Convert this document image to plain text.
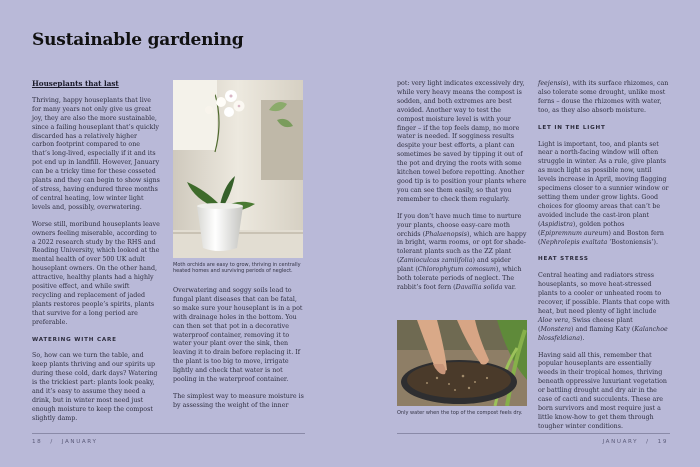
Sustainable gardening

Houseplants that last

Thriving, happy houseplants that live for many years not only give us great joy, they are also the more sustainable, since a failing houseplant that’s quickly discarded has a relatively higher carbon footprint compared to one that’s long-lived, especially if it and its pot end up in landfill. However, January can be a tricky time for these cosseted plants and they can begin to show signs of stress, having endured three months of central heating, low winter light levels and, possibly, overwatering.

Worse still, moribund houseplants leave owners feeling miserable, according to a 2022 research study by the RHS and Reading University, which looked at the mental health of over 500 UK adult houseplant owners. On the other hand, attractive, healthy plants had a highly positive effect, and while swift recycling and replacement of jaded plants restores people’s spirits, plants that survive for a long period are preferable.

WATERING WITH CARE

So, how can we turn the table, and keep plants thriving and our spirits up during these cold, dark days? Watering is the trickiest part: plants look peaky, and it’s easy to assume they need a drink, but in winter most need just enough moisture to keep the compost slightly damp.

Moth orchids are easy to grow, thriving in centrally heated homes and surviving periods of neglect.

Overwatering and soggy soils lead to fungal plant diseases that can be fatal, so make sure your houseplant is in a pot with drainage holes in the bottom. You can then set that pot in a decorative waterproof container, removing it to water your plant over the sink, then leaving it to drain before replacing it. If the plant is too big to move, irrigate lightly and check that water is not pooling in the waterproof container.

The simplest way to measure moisture is by assessing the weight of the inner

18 / JANUARY

pot: very light indicates excessively dry, while very heavy means the compost is sodden, and both extremes are best avoided. Another way to test the compost moisture level is with your finger – if the top feels damp, no more water is needed. If sogginess results despite your best efforts, a plant can sometimes be saved by tipping it out of the pot and drying the roots with some kitchen towel before repotting. Another good tip is to position your plants where you can see them easily, so that you remember to check them regularly.

If you don’t have much time to nurture your plants, choose easy-care moth orchids (Phalaenopsis), which are happy in bright, warm rooms, or opt for shade-tolerant plants such as the ZZ plant (Zamioculcas zamiifolia) and spider plant (Chlorophytum comosum), which both tolerate periods of neglect. The rabbit’s foot fern (Davallia solida var.

Only water when the top of the compost feels dry.

feejensis), with its surface rhizomes, can also tolerate some drought, unlike most ferns – douse the rhizomes with water, too, as they also absorb moisture.

LET IN THE LIGHT

Light is important, too, and plants set near a north-facing window will often struggle in winter. As a rule, give plants as much light as possible now, until levels increase in April, moving flagging specimens closer to a sunnier window or setting them under grow lights. Good choices for gloomy areas that can’t be avoided include the cast-iron plant (Aspidistra), golden pothos (Epipremnum aureum) and Boston fern (Nephrolepis exaltata ‘Bostoniensis’).

HEAT STRESS

Central heating and radiators stress houseplants, so move heat-stressed plants to a cooler or unheated room to recover, if possible. Plants that cope with heat, but need plenty of light include Aloe vera, Swiss cheese plant (Monstera) and flaming Katy (Kalanchoe blossfeldiana).

Having said all this, remember that popular houseplants are essentially weeds in their tropical homes, thriving beneath oppressive luxuriant vegetation or battling drought and dry air in the case of cacti and succulents. These are born survivors and most require just a little know-how to get them through tougher winter conditions.

JANUARY / 19
